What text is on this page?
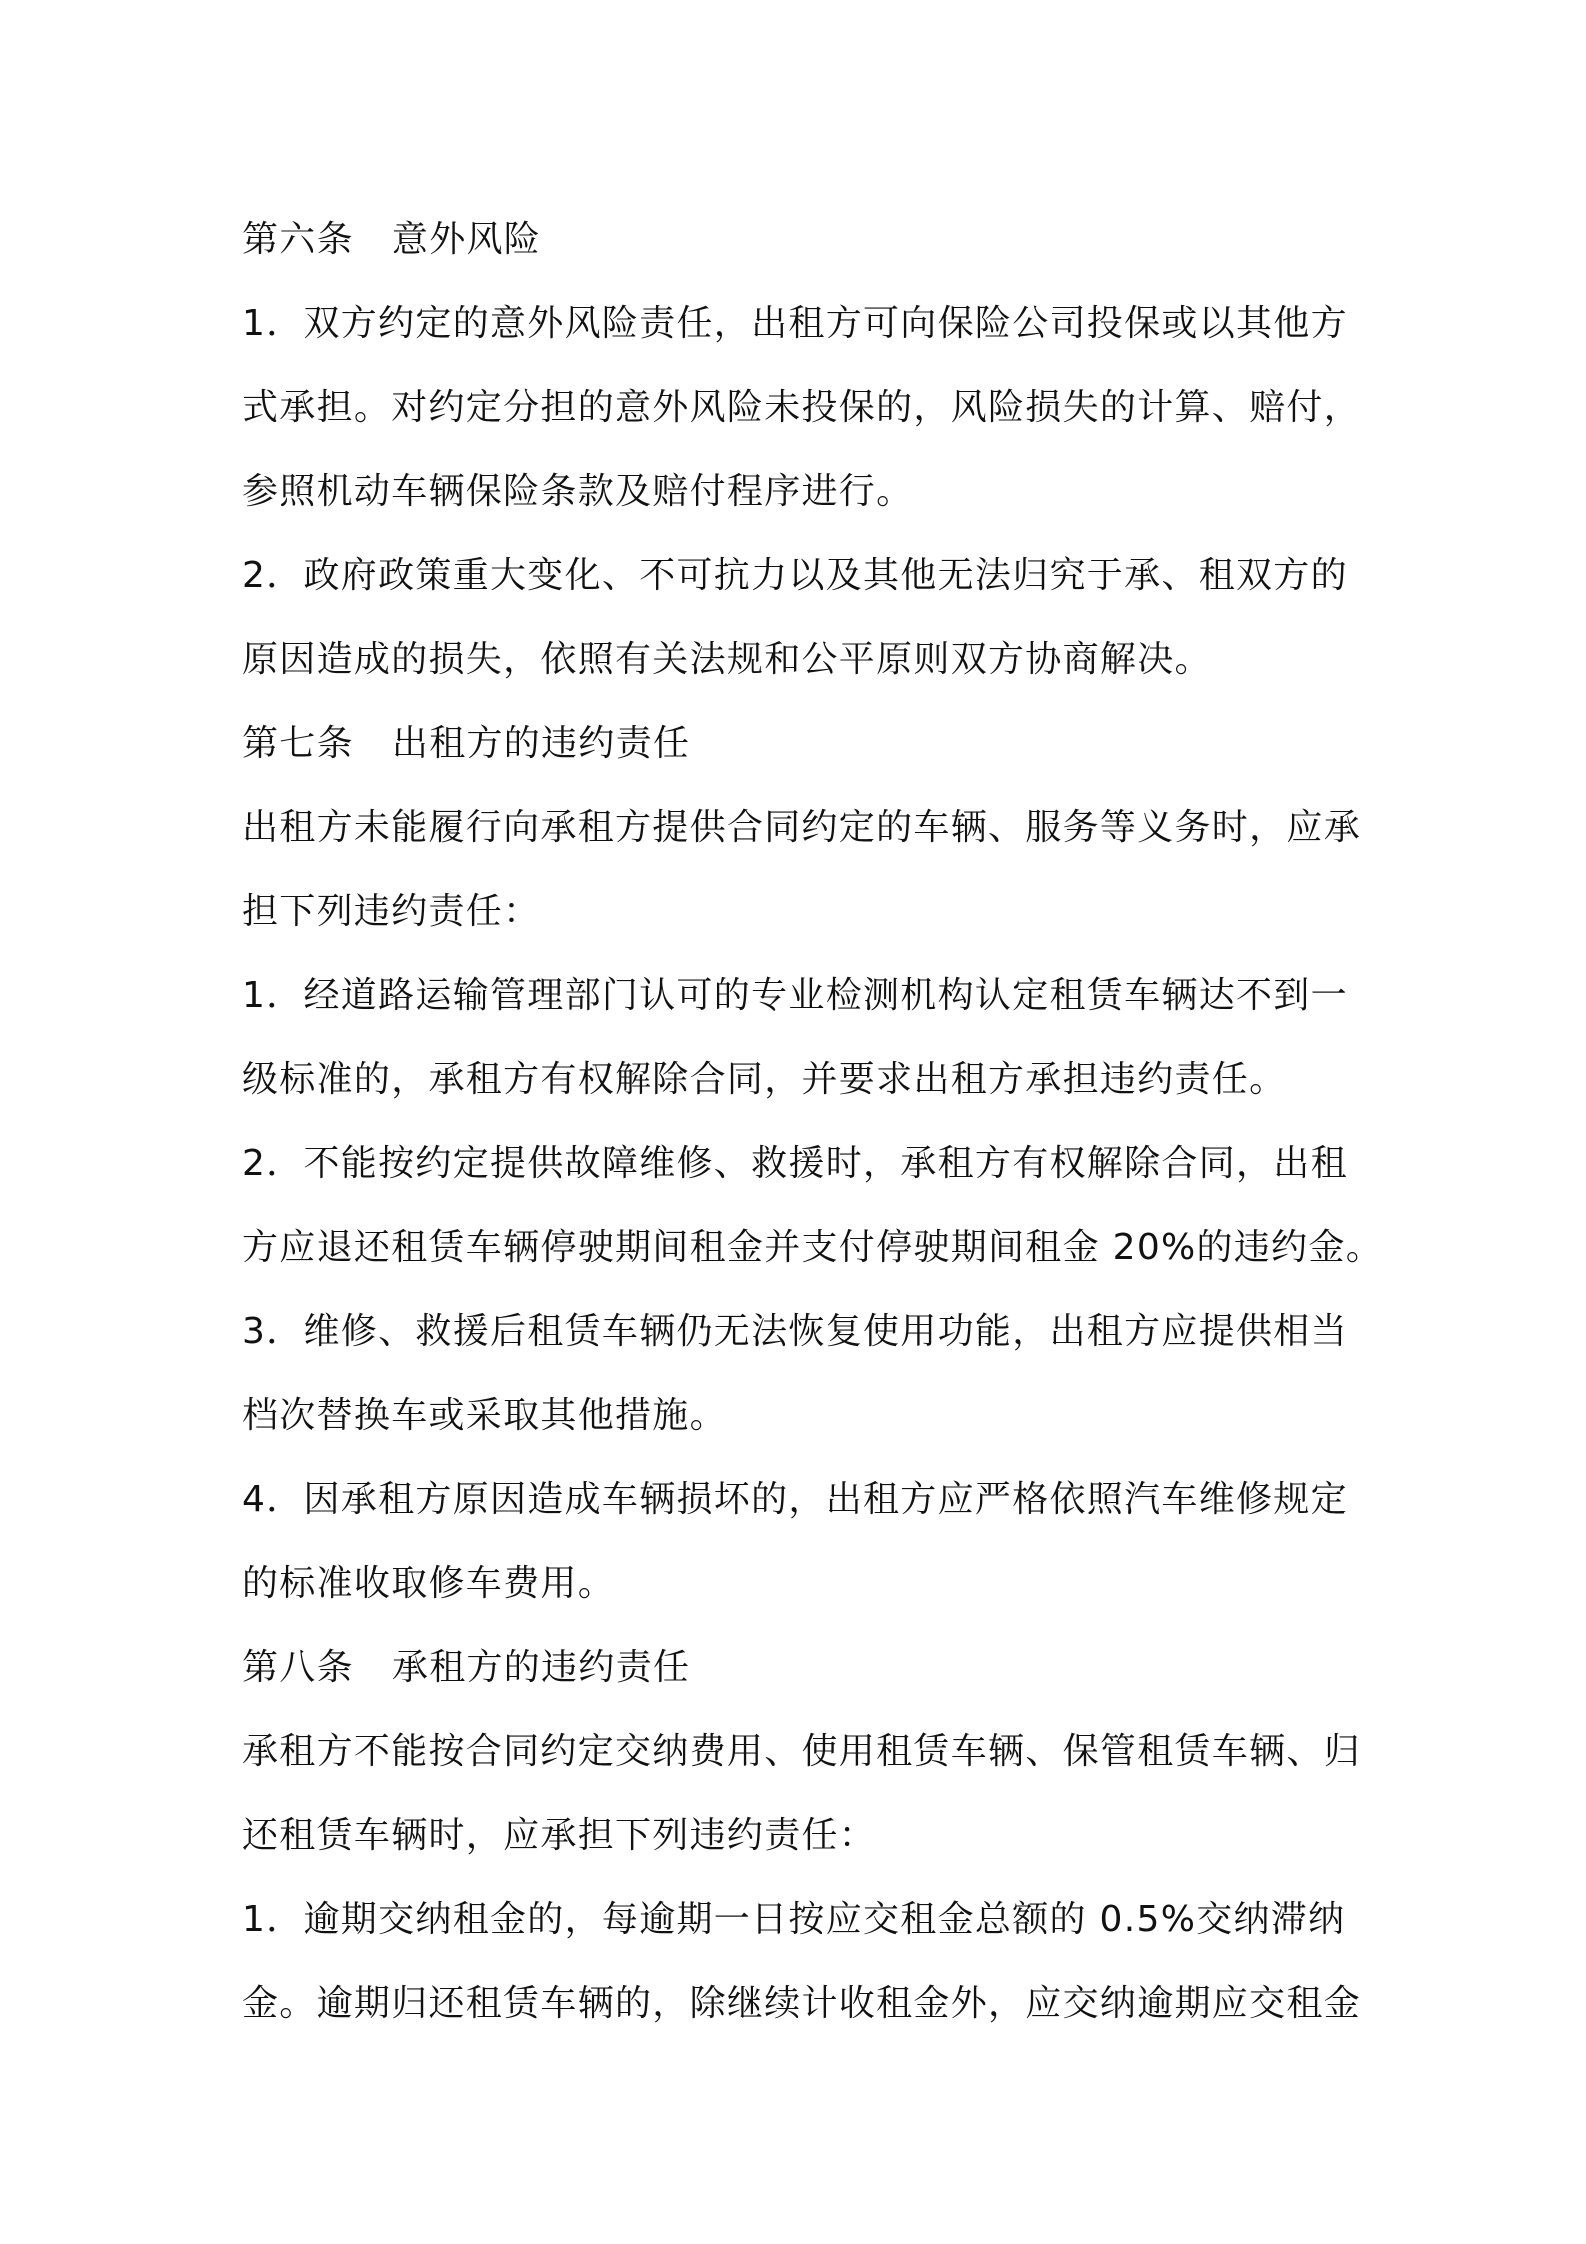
第六条 意外风险
1．双方约定的意外风险责任，出租方可向保险公司投保或以其他方
式承担。对约定分担的意外风险未投保的，风险损失的计算、赔付，
参照机动车辆保险条款及赔付程序进行。
2．政府政策重大变化、不可抗力以及其他无法归究于承、租双方的
原因造成的损失，依照有关法规和公平原则双方协商解决。
第七条 出租方的违约责任
出租方未能履行向承租方提供合同约定的车辆、服务等义务时，应承
担下列违约责任：
1．经道路运输管理部门认可的专业检测机构认定租赁车辆达不到一
级标准的，承租方有权解除合同，并要求出租方承担违约责任。
2．不能按约定提供故障维修、救援时，承租方有权解除合同，出租
方应退还租赁车辆停驶期间租金并支付停驶期间租金 20%的违约金。
3．维修、救援后租赁车辆仍无法恢复使用功能，出租方应提供相当
档次替换车或采取其他措施。
4．因承租方原因造成车辆损坏的，出租方应严格依照汽车维修规定
的标准收取修车费用。
第八条 承租方的违约责任
承租方不能按合同约定交纳费用、使用租赁车辆、保管租赁车辆、归
还租赁车辆时，应承担下列违约责任：
1．逾期交纳租金的，每逾期一日按应交租金总额的 0.5%交纳滞纳
金。逾期归还租赁车辆的，除继续计收租金外，应交纳逾期应交租金
